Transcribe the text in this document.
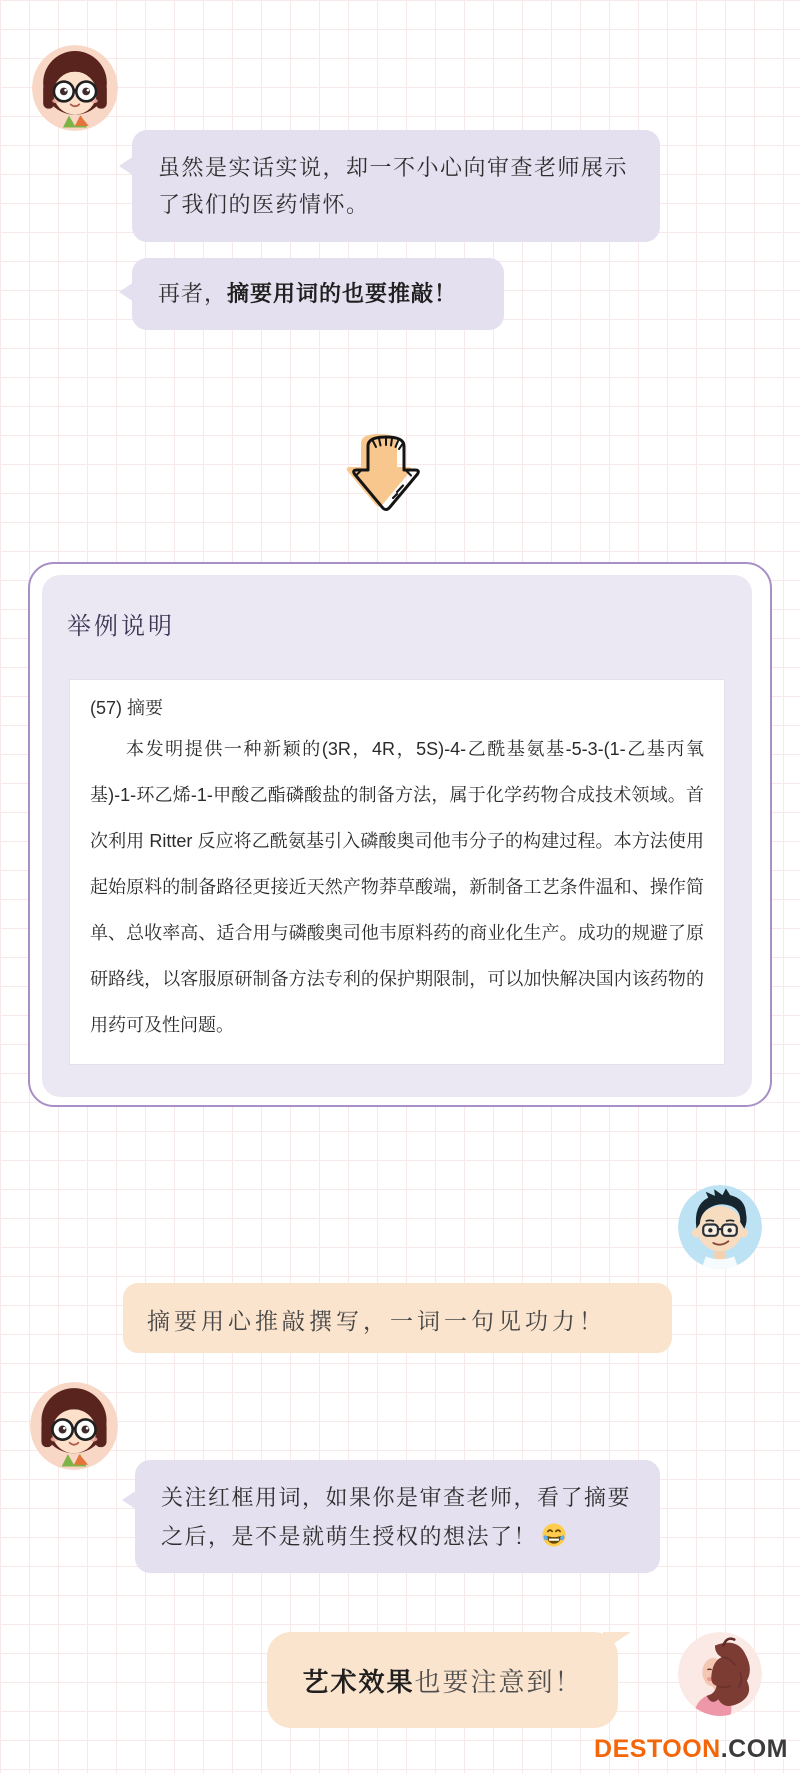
虽然是实话实说，却一不小心向审查老师展示了我们的医药情怀。
再者，摘要用词的也要推敲！
举例说明

(57) 摘要

本发明提供一种新颖的(3R，4R，5S)-4-乙酰基氨基-5-3-(1-乙基丙氧基)-1-环乙烯-1-甲酸乙酯磷酸盐的制备方法，属于化学药物合成技术领域。首次利用 Ritter 反应将乙酰氨基引入磷酸奥司他韦分子的构建过程。本方法使用起始原料的制备路径更接近天然产物莽草酸端，新制备工艺条件温和、操作简单、总收率高、适合用与磷酸奥司他韦原料药的商业化生产。成功的规避了原研路线，以客服原研制备方法专利的保护期限制，可以加快解决国内该药物的用药可及性问题。

摘要用心推敲撰写，一词一句见功力！
关注红框用词，如果你是审查老师，看了摘要之后，是不是就萌生授权的想法了！
艺术效果也要注意到！
DESTOON.COM
